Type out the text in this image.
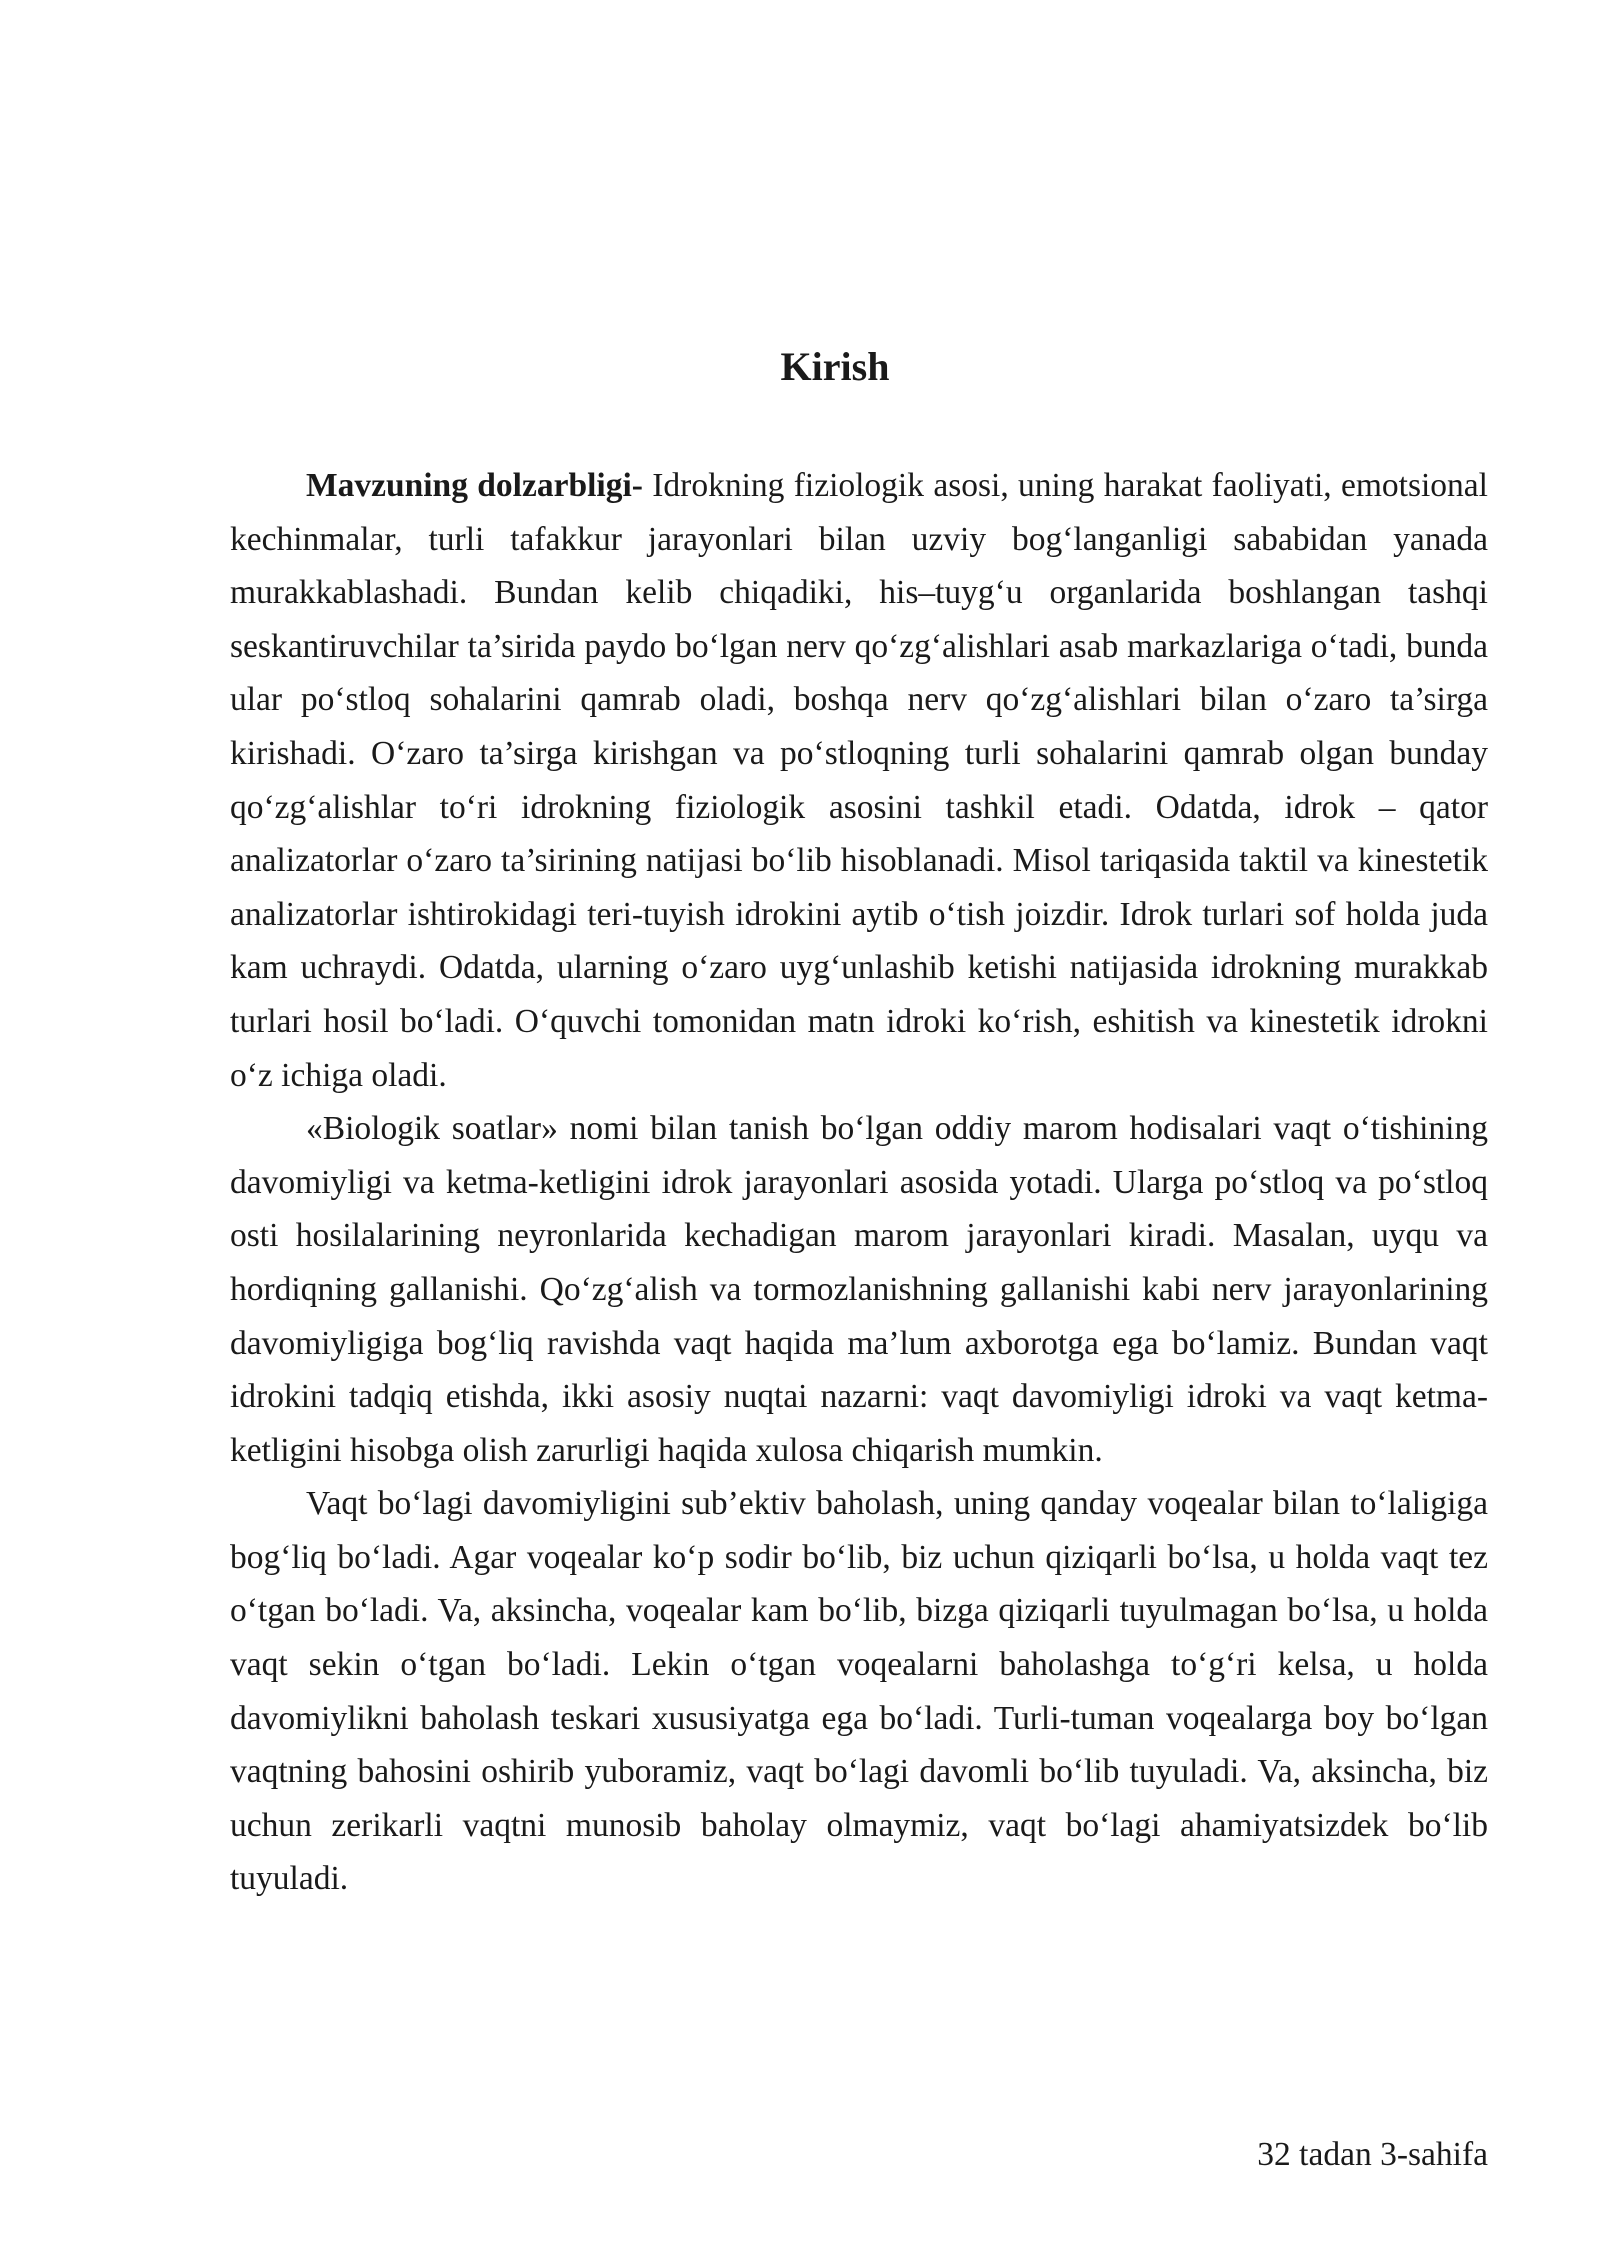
Kirish

Mavzuning dolzarbligi- Idrokning fiziologik asosi, uning harakat faoliyati, emotsional kechinmalar, turli tafakkur jarayonlari bilan uzviy bog‘langanligi sababidan yanada murakkablashadi. Bundan kelib chiqadiki, his–tuyg‘u organlarida boshlangan tashqi seskantiruvchilar ta’sirida paydo bo‘lgan nerv qo‘zg‘alishlari asab markazlariga o‘tadi, bunda ular po‘stloq sohalarini qamrab oladi, boshqa nerv qo‘zg‘alishlari bilan o‘zaro ta’sirga kirishadi. O‘zaro ta’sirga kirishgan va po‘stloqning turli sohalarini qamrab olgan bunday qo‘zg‘alishlar to‘ri idrokning fiziologik asosini tashkil etadi. Odatda, idrok – qator analizatorlar o‘zaro ta’sirining natijasi bo‘lib hisoblanadi. Misol tariqasida taktil va kinestetik analizatorlar ishtirokidagi teri-tuyish idrokini aytib o‘tish joizdir. Idrok turlari sof holda juda kam uchraydi. Odatda, ularning o‘zaro uyg‘unlashib ketishi natijasida idrokning murakkab turlari hosil bo‘ladi. O‘quvchi tomonidan matn idroki ko‘rish, eshitish va kinestetik idrokni o‘z ichiga oladi.

«Biologik soatlar» nomi bilan tanish bo‘lgan oddiy marom hodisalari vaqt o‘tishining davomiyligi va ketma-ketligini idrok jarayonlari asosida yotadi. Ularga po‘stloq va po‘stloq osti hosilalarining neyronlarida kechadigan marom jarayonlari kiradi. Masalan, uyqu va hordiqning gallanishi. Qo‘zg‘alish va tormozlanishning gallanishi kabi nerv jarayonlarining davomiyligiga bog‘liq ravishda vaqt haqida ma’lum axborotga ega bo‘lamiz. Bundan vaqt idrokini tadqiq etishda, ikki asosiy nuqtai nazarni: vaqt davomiyligi idroki va vaqt ketma-ketligini hisobga olish zarurligi haqida xulosa chiqarish mumkin.

Vaqt bo‘lagi davomiyligini sub’ektiv baholash, uning qanday voqealar bilan to‘laligiga bog‘liq bo‘ladi. Agar voqealar ko‘p sodir bo‘lib, biz uchun qiziqarli bo‘lsa, u holda vaqt tez o‘tgan bo‘ladi. Va, aksincha, voqealar kam bo‘lib, bizga qiziqarli tuyulmagan bo‘lsa, u holda vaqt sekin o‘tgan bo‘ladi. Lekin o‘tgan voqealarni baholashga to‘g‘ri kelsa, u holda davomiylikni baholash teskari xususiyatga ega bo‘ladi. Turli-tuman voqealarga boy bo‘lgan vaqtning bahosini oshirib yuboramiz, vaqt bo‘lagi davomli bo‘lib tuyuladi. Va, aksincha, biz uchun zerikarli vaqtni munosib baholay olmaymiz, vaqt bo‘lagi ahamiyatsizdek bo‘lib tuyuladi.

32 tadan 3-sahifa
